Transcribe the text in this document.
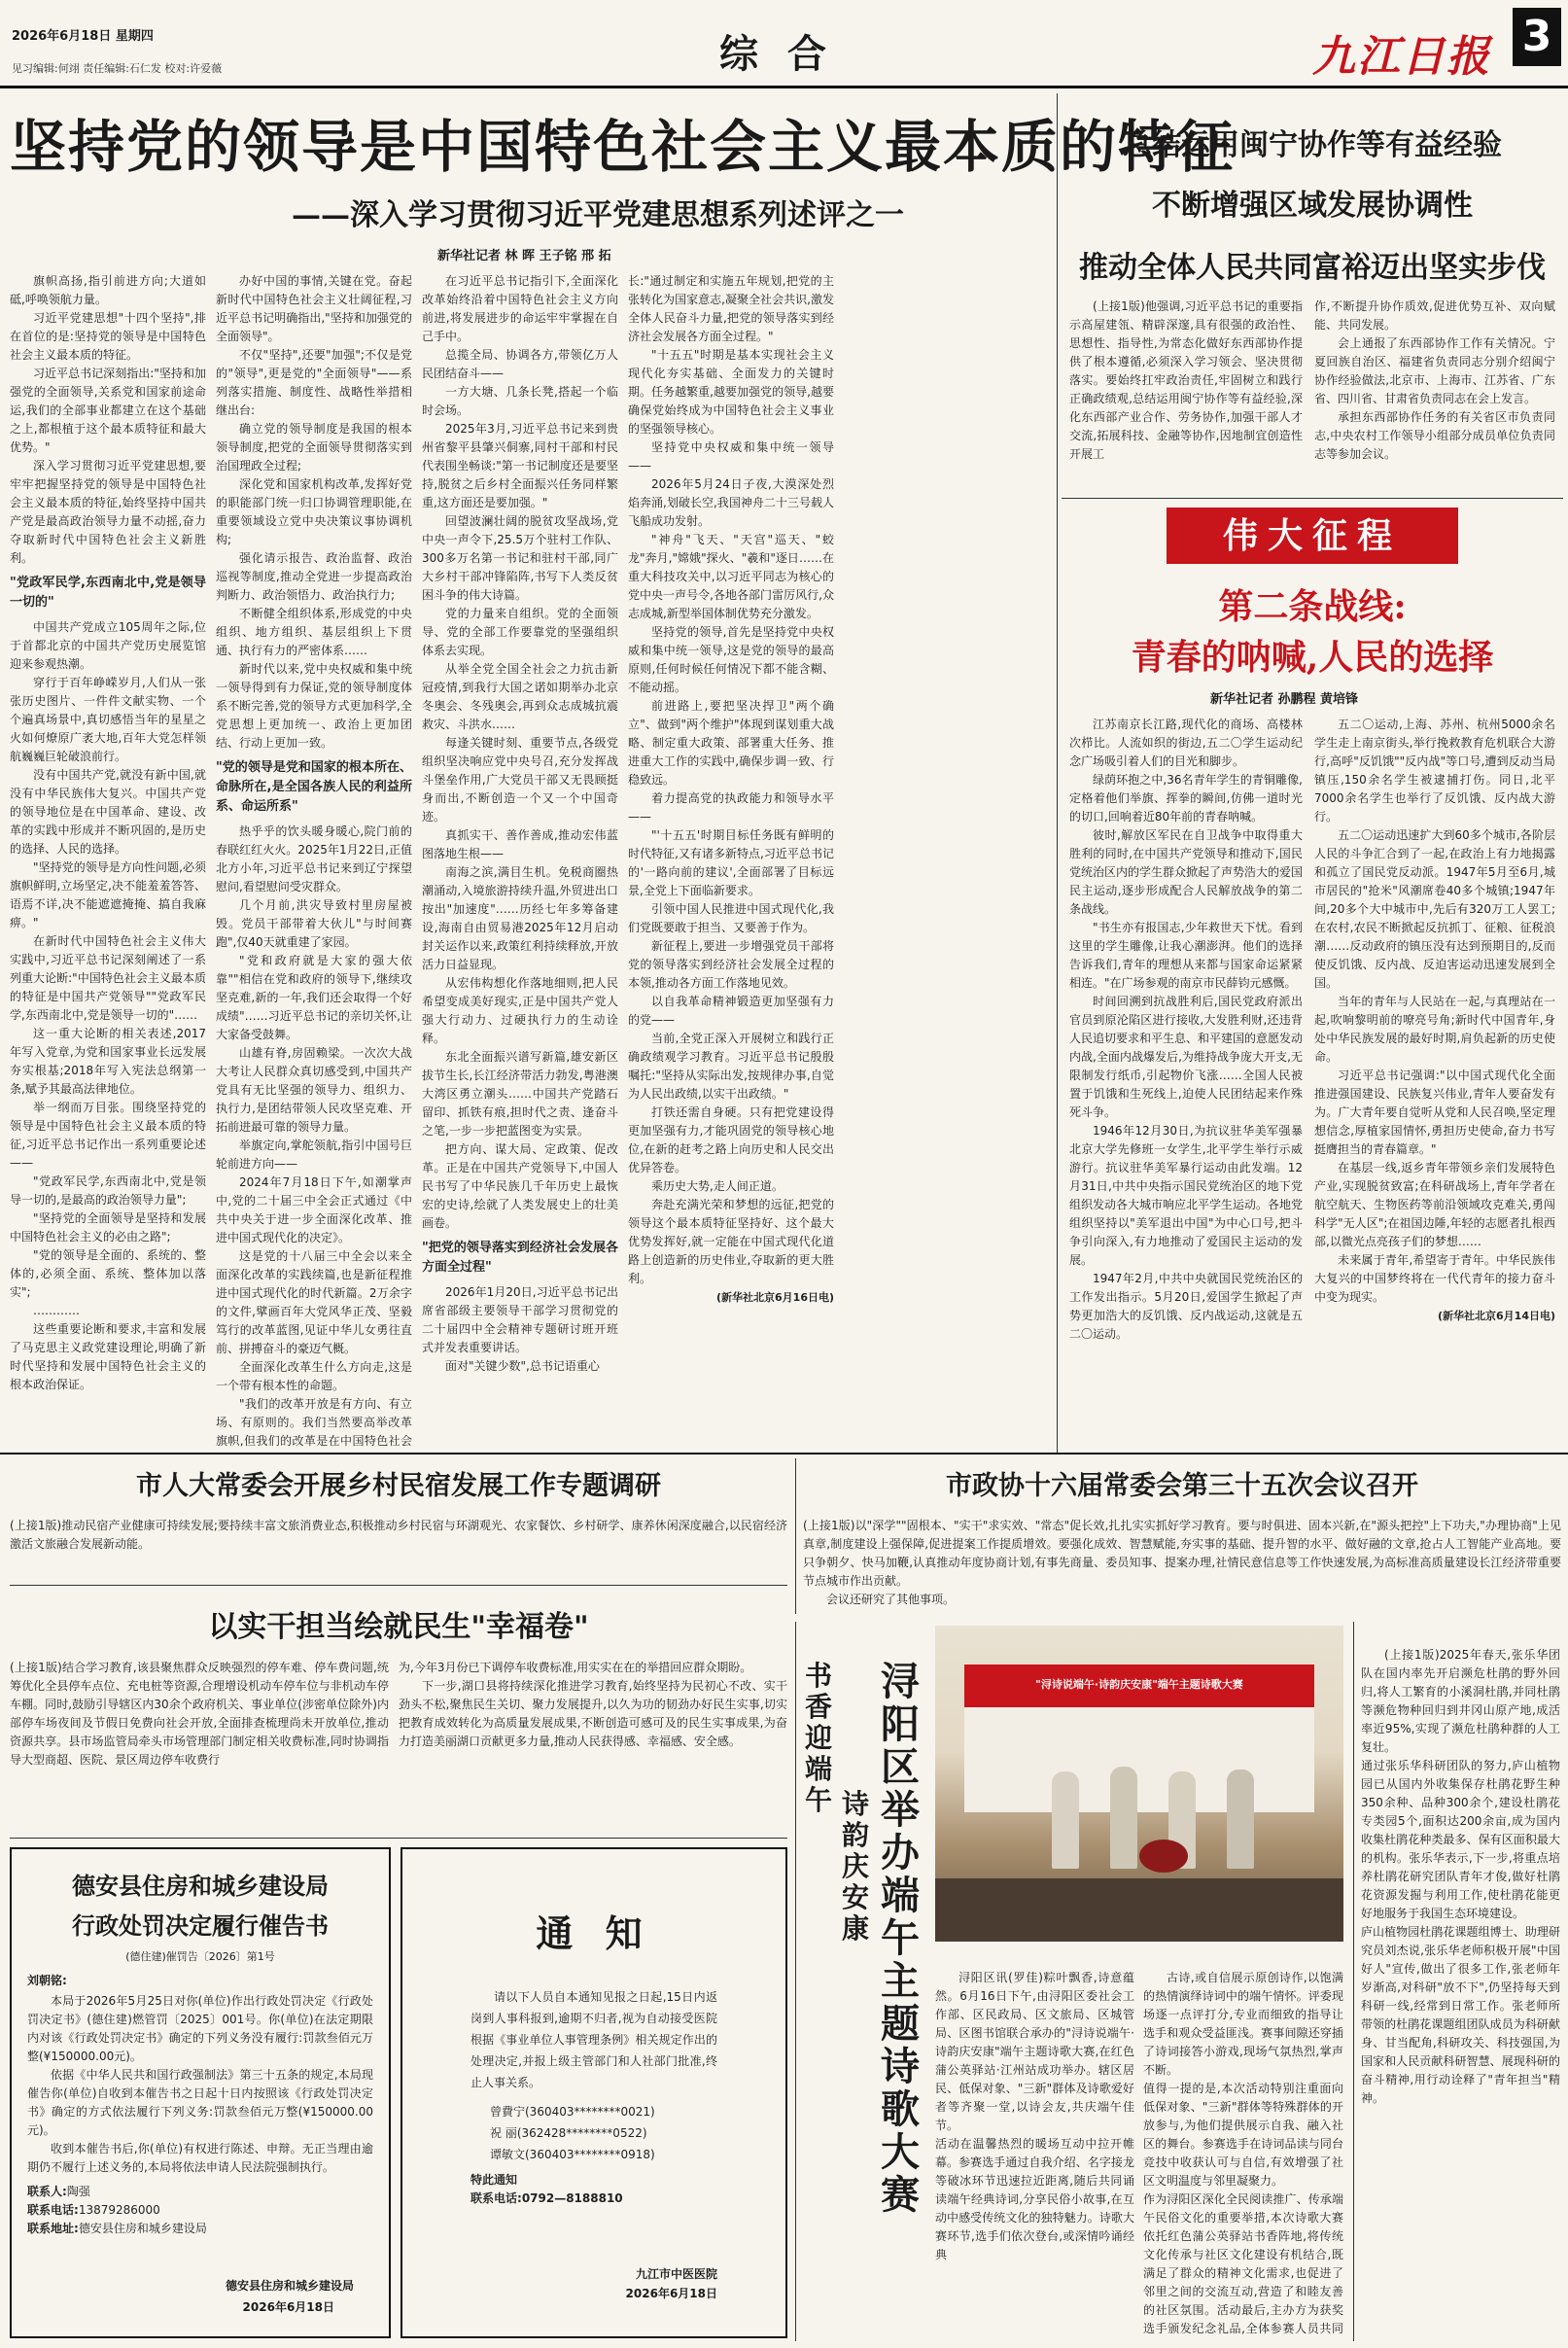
2026年6月18日 星期四
见习编辑:何翊 责任编辑:石仁发 校对:许爱薇	综 合	九江日报 3
坚持党的领导是中国特色社会主义最本质的特征
——深入学习贯彻习近平党建思想系列述评之一
新华社记者 林 晖 王子铭 邢 拓

旗帜高扬,指引前进方向;大道如砥,呼唤领航力量。

习近平党建思想"十四个坚持",排在首位的是:坚持党的领导是中国特色社会主义最本质的特征。

习近平总书记深刻指出:"坚持和加强党的全面领导,关系党和国家前途命运,我们的全部事业都建立在这个基础之上,都根植于这个最本质特征和最大优势。"

深入学习贯彻习近平党建思想,要牢牢把握坚持党的领导是中国特色社会主义最本质的特征,始终坚持中国共产党是最高政治领导力量不动摇,奋力夺取新时代中国特色社会主义新胜利。

"党政军民学,东西南北中,党是领导一切的"

中国共产党成立105周年之际,位于首都北京的中国共产党历史展览馆迎来参观热潮。

穿行于百年峥嵘岁月,人们从一张张历史图片、一件件文献实物、一个个遍真场景中,真切感悟当年的星星之火如何燎原广袤大地,百年大党怎样领航巍巍巨轮破浪前行。

没有中国共产党,就没有新中国,就没有中华民族伟大复兴。中国共产党的领导地位是在中国革命、建设、改革的实践中形成并不断巩固的,是历史的选择、人民的选择。

"坚持党的领导是方向性问题,必须旗帜鲜明,立场坚定,决不能羞羞答答、语焉不详,决不能遮遮掩掩、搞自我麻痹。"

在新时代中国特色社会主义伟大实践中,习近平总书记深刻阐述了一系列重大论断:"中国特色社会主义最本质的特征是中国共产党领导""党政军民学,东西南北中,党是领导一切的"……

这一重大论断的相关表述,2017年写入党章,为党和国家事业长远发展夯实根基;2018年写入宪法总纲第一条,赋予其最高法律地位。

举一纲而万目张。围绕坚持党的领导是中国特色社会主义最本质的特征,习近平总书记作出一系列重要论述——

"党政军民学,东西南北中,党是领导一切的,是最高的政治领导力量";

"坚持党的全面领导是坚持和发展中国特色社会主义的必由之路";

"党的领导是全面的、系统的、整体的,必须全面、系统、整体加以落实";

…………

这些重要论断和要求,丰富和发展了马克思主义政党建设理论,明确了新时代坚持和发展中国特色社会主义的根本政治保证。

办好中国的事情,关键在党。奋起新时代中国特色社会主义壮阔征程,习近平总书记明确指出,"坚持和加强党的全面领导"。

不仅"坚持",还要"加强";不仅是党的"领导",更是党的"全面领导"——系列落实措施、制度性、战略性举措相继出台:

确立党的领导制度是我国的根本领导制度,把党的全面领导贯彻落实到治国理政全过程;

深化党和国家机构改革,发挥好党的职能部门统一归口协调管理职能,在重要领域设立党中央决策议事协调机构;

强化请示报告、政治监督、政治巡视等制度,推动全党进一步提高政治判断力、政治领悟力、政治执行力;

不断健全组织体系,形成党的中央组织、地方组织、基层组织上下贯通、执行有力的严密体系……

新时代以来,党中央权威和集中统一领导得到有力保证,党的领导制度体系不断完善,党的领导方式更加科学,全党思想上更加统一、政治上更加团结、行动上更加一致。

"党的领导是党和国家的根本所在、命脉所在,是全国各族人民的利益所系、命运所系"

热乎乎的饮头暖身暖心,院门前的春联红红火火。2025年1月22日,正值北方小年,习近平总书记来到辽宁探望慰问,看望慰问受灾群众。

几个月前,洪灾导致村里房屋被毁。党员干部带着大伙儿"与时间赛跑",仅40天就重建了家园。

"党和政府就是大家的强大依靠""相信在党和政府的领导下,继续攻坚克难,新的一年,我们还会取得一个好成绩"……习近平总书记的亲切关怀,让大家备受鼓舞。

山雄有脊,房固赖梁。一次次大战大考让人民群众真切感受到,中国共产党具有无比坚强的领导力、组织力、执行力,是团结带领人民攻坚克难、开拓前进最可靠的领导力量。

举旗定向,掌舵领航,指引中国号巨轮前进方向——

2024年7月18日下午,如潮掌声中,党的二十届三中全会正式通过《中共中央关于进一步全面深化改革、推进中国式现代化的决定》。

这是党的十八届三中全会以来全面深化改革的实践续篇,也是新征程推进中国式现代化的时代新篇。2万余字的文件,擘画百年大党风华正茂、坚毅笃行的改革蓝图,见证中华儿女勇往直前、拼搏奋斗的豪迈气概。

全面深化改革生什么方向走,这是一个带有根本性的命题。

"我们的改革开放是有方向、有立场、有原则的。我们当然要高举改革旗帜,但我们的改革是在中国特色社会

在习近平总书记指引下,全面深化改革始终沿着中国特色社会主义方向前进,将发展进步的命运牢牢掌握在自己手中。

总揽全局、协调各方,带领亿万人民团结奋斗——

一方大塘、几条长凳,搭起一个临时会场。

2025年3月,习近平总书记来到贵州省黎平县肇兴侗寨,同村干部和村民代表围坐畅谈:"第一书记制度还是要坚持,脱贫之后乡村全面振兴任务同样繁重,这方面还是要加强。"

回望波澜壮阔的脱贫攻坚战场,党中央一声令下,25.5万个驻村工作队、300多万名第一书记和驻村干部,同广大乡村干部冲锋陷阵,书写下人类反贫困斗争的伟大诗篇。

党的力量来自组织。党的全面领导、党的全部工作要靠党的坚强组织体系去实现。

从举全党全国全社会之力抗击新冠疫情,到我行大国之诺如期举办北京冬奥会、冬残奥会,再到众志成城抗震救灾、斗洪水……

每逢关键时刻、重要节点,各级党组织坚决响应党中央号召,充分发挥战斗堡垒作用,广大党员干部又无畏顾挺身而出,不断创造一个又一个中国奇迹。

真抓实干、善作善成,推动宏伟蓝图落地生根——

南海之滨,满目生机。免税商圈热潮涌动,入境旅游持续升温,外贸进出口按出"加速度"……历经七年多筹备建设,海南自由贸易港2025年12月启动封关运作以来,政策红利持续释放,开放活力日益显现。

从宏伟构想化作落地细则,把人民希望变成美好现实,正是中国共产党人强大行动力、过硬执行力的生动诠释。

东北全面振兴谱写新篇,雄安新区拔节生长,长江经济带活力勃发,粤港澳大湾区勇立潮头……中国共产党踏石留印、抓铁有痕,担时代之责、逢奋斗之笔,一步一步把蓝图变为实景。

把方向、谋大局、定政策、促改革。正是在中国共产党领导下,中国人民书写了中华民族几千年历史上最恢宏的史诗,绘就了人类发展史上的壮美画卷。

"把党的领导落实到经济社会发展各方面全过程"

2026年1月20日,习近平总书记出席省部级主要领导干部学习贯彻党的二十届四中全会精神专题研讨班开班式并发表重要讲话。

面对"关键少数",总书记语重心

长:"通过制定和实施五年规划,把党的主张转化为国家意志,凝聚全社会共识,激发全体人民奋斗力量,把党的领导落实到经济社会发展各方面全过程。"

"十五五"时期是基本实现社会主义现代化夯实基础、全面发力的关键时期。任务越繁重,越要加强党的领导,越要确保党始终成为中国特色社会主义事业的坚强领导核心。

坚持党中央权威和集中统一领导——

2026年5月24日子夜,大漠深处烈焰奔涌,划破长空,我国神舟二十三号载人飞船成功发射。

"神舟"飞天、"天宫"巡天、"蛟龙"奔月,"嫦娥"探火、"羲和"逐日……在重大科技攻关中,以习近平同志为核心的党中央一声号令,各地各部门雷厉风行,众志成城,新型举国体制优势充分激发。

坚持党的领导,首先是坚持党中央权威和集中统一领导,这是党的领导的最高原则,任何时候任何情况下都不能含糊、不能动摇。

前进路上,要把坚决捍卫"两个确立"、做到"两个维护"体现到谋划重大战略、制定重大政策、部署重大任务、推进重大工作的实践中,确保步调一致、行稳致远。

着力提高党的执政能力和领导水平——

"'十五五'时期目标任务既有鲜明的时代特征,又有诸多新特点,习近平总书记的'一路向前的建议',全面部署了目标远景,全党上下面临新要求。

引领中国人民推进中国式现代化,我们党既要敢于担当、又要善于作为。

新征程上,要进一步增强党员干部将党的领导落实到经济社会发展全过程的本领,推动各方面工作落地见效。

以自我革命精神锻造更加坚强有力的党——

当前,全党正深入开展树立和践行正确政绩观学习教育。习近平总书记殷殷嘱托:"坚持从实际出发,按规律办事,自觉为人民出政绩,以实干出政绩。"

打铁还需自身硬。只有把党建设得更加坚强有力,才能巩固党的领导核心地位,在新的赶考之路上向历史和人民交出优异答卷。

乘历史大势,走人间正道。

奔赴充满光荣和梦想的远征,把党的领导这个最本质特征坚持好、这个最大优势发挥好,就一定能在中国式现代化道路上创造新的历史伟业,夺取新的更大胜利。

(新华社北京6月16日电)
总结运用闽宁协作等有益经验
不断增强区域发展协调性
推动全体人民共同富裕迈出坚实步伐

(上接1版)他强调,习近平总书记的重要指示高屋建瓴、精辟深邃,具有很强的政治性、思想性、指导性,为常态化做好东西部协作提供了根本遵循,必须深入学习领会、坚决贯彻落实。要始终扛牢政治责任,牢固树立和践行正确政绩观,总结运用闽宁协作等有益经验,深化东西部产业合作、劳务协作,加强干部人才交流,拓展科技、金融等协作,因地制宜创造性开展工

作,不断提升协作质效,促进优势互补、双向赋能、共同发展。

会上通报了东西部协作工作有关情况。宁夏回族自治区、福建省负责同志分别介绍闽宁协作经验做法,北京市、上海市、江苏省、广东省、四川省、甘肃省负责同志在会上发言。

承担东西部协作任务的有关省区市负责同志,中央农村工作领导小组部分成员单位负责同志等参加会议。

伟大征程
第二条战线:
青春的呐喊,人民的选择
新华社记者 孙鹏程 黄培锋

江苏南京长江路,现代化的商场、高楼林次栉比。人流如织的街边,五二〇学生运动纪念广场吸引着人们的目光和脚步。

绿荫环抱之中,36名青年学生的青铜雕像,定格着他们举旗、挥拳的瞬间,仿佛一道时光的切口,回响着近80年前的青春呐喊。

彼时,解放区军民在自卫战争中取得重大胜利的同时,在中国共产党领导和推动下,国民党统治区内的学生群众掀起了声势浩大的爱国民主运动,逐步形成配合人民解放战争的第二条战线。

"书生亦有报国志,少年救世天下忧。看到这里的学生雕像,让我心潮澎湃。他们的选择告诉我们,青年的理想从来都与国家命运紧紧相连。"在广场参观的南京市民薛钧元感慨。

时间回溯到抗战胜利后,国民党政府派出官员到原沦陷区进行接收,大发胜利财,还违背人民追切要求和平生息、和平建国的意愿发动内战,全面内战爆发后,为维持战争庞大开支,无限制发行纸币,引起物价飞涨……全国人民被置于饥饿和生死线上,迫使人民团结起来作殊死斗争。

1946年12月30日,为抗议驻华美军强暴北京大学先修班一女学生,北平学生举行示威游行。抗议驻华美军暴行运动由此发端。12月31日,中共中央指示国民党统治区的地下党组织发动各大城市响应北平学生运动。各地党组织坚持以"美军退出中国"为中心口号,把斗争引向深入,有力地推动了爱国民主运动的发展。

1947年2月,中共中央就国民党统治区的工作发出指示。5月20日,爱国学生掀起了声势更加浩大的反饥饿、反内战运动,这就是五二〇运动。

五二〇运动,上海、苏州、杭州5000余名学生走上南京街头,举行挽救教育危机联合大游行,高呼"反饥饿""反内战"等口号,遭到反动当局镇压,150余名学生被逮捕打伤。同日,北平7000余名学生也举行了反饥饿、反内战大游行。

五二〇运动迅速扩大到60多个城市,各阶层人民的斗争汇合到了一起,在政治上有力地揭露和孤立了国民党反动派。1947年5月至6月,城市居民的"抢米"风潮席卷40多个城镇;1947年间,20多个大中城市中,先后有320万工人罢工;在农村,农民不断掀起反抗抓丁、征粮、征税浪潮……反动政府的镇压没有达到预期目的,反而使反饥饿、反内战、反迫害运动迅速发展到全国。

当年的青年与人民站在一起,与真理站在一起,吹响黎明前的嘹亮号角;新时代中国青年,身处中华民族发展的最好时期,肩负起新的历史使命。

习近平总书记强调:"以中国式现代化全面推进强国建设、民族复兴伟业,青年人要奋发有为。广大青年要自觉听从党和人民召唤,坚定理想信念,厚植家国情怀,勇担历史使命,奋力书写挺膺担当的青春篇章。"

在基层一线,返乡青年带领乡亲们发展特色产业,实现脱贫致富;在科研战场上,青年学者在航空航天、生物医药等前沿领域攻克难关,勇闯科学"无人区";在祖国边陲,年轻的志愿者扎根西部,以微光点亮孩子们的梦想……

未来属于青年,希望寄于青年。中华民族伟大复兴的中国梦终将在一代代青年的接力奋斗中变为现实。

(新华社北京6月14日电)
市人大常委会开展乡村民宿发展工作专题调研

(上接1版)推动民宿产业健康可持续发展;要持续丰富文旅消费业态,积极推动乡村民宿与环湖观光、农家餐饮、乡村研学、康养休闲深度融合,以民宿经济激活文旅融合发展新动能。

市政协十六届常委会第三十五次会议召开

(上接1版)以"深学""固根本、"实干"求实效、"常态"促长效,扎扎实实抓好学习教育。要与时俱进、固本兴新,在"源头把控"上下功夫,"办理协商"上见真章,制度建设上强保障,促进提案工作提质增效。要强化成效、智慧赋能,夯实事的基础、提升智的水平、做好融的文章,抢占人工智能产业高地。要只争朝夕、快马加鞭,认真推动年度协商计划,有事先商量、委员知事、提案办理,社情民意信息等工作快速发展,为高标准高质量建设长江经济带重要节点城市作出贡献。

会议还研究了其他事项。

以实干担当绘就民生"幸福卷"

(上接1版)结合学习教育,该县聚焦群众反映强烈的停车难、停车费问题,统筹优化全县停车点位、充电桩等资源,合理增设机动车停车位与非机动车停车棚。同时,鼓励引导辖区内30余个政府机关、事业单位(涉密单位除外)内部停车场夜间及节假日免费向社会开放,全面排查梳理尚未开放单位,推动资源共享。县市场监管局牵头市场管理部门制定相关收费标准,同时协调指导大型商超、医院、景区周边停车收费行

为,今年3月份已下调停车收费标准,用实实在在的举措回应群众期盼。

下一步,湖口县将持续深化推进学习教育,始终坚持为民初心不改、实干劲头不松,聚焦民生关切、聚力发展提升,以久为功的韧劲办好民生实事,切实把教育成效转化为高质量发展成果,不断创造可感可及的民生实事成果,为奋力打造美丽湖口贡献更多力量,推动人民获得感、幸福感、安全感。

德安县住房和城乡建设局
行政处罚决定履行催告书
(德住建)催罚告〔2026〕第1号
刘朝铭:

本局于2026年5月25日对你(单位)作出行政处罚决定《行政处罚决定书》(德住建)燃管罚〔2025〕001号。你(单位)在法定期限内对该《行政处罚决定书》确定的下列义务没有履行:罚款叁佰元万整(¥150000.00元)。

依据《中华人民共和国行政强制法》第三十五条的规定,本局现催告你(单位)自收到本催告书之日起十日内按照该《行政处罚决定书》确定的方式依法履行下列义务:罚款叁佰元万整(¥150000.00元)。

收到本催告书后,你(单位)有权进行陈述、申辩。无正当理由逾期仍不履行上述义务的,本局将依法申请人民法院强制执行。

联系人:陶强
联系电话:13879286000
联系地址:德安县住房和城乡建设局
德安县住房和城乡建设局
2026年6月18日
通 知

请以下人员自本通知见报之日起,15日内返岗到人事科报到,逾期不归者,视为自动接受医院根据《事业单位人事管理条例》相关规定作出的处理决定,并报上级主管部门和人社部门批准,终止人事关系。

曾費宁(360403********0021)
祝 丽(362428********0522)
谭敏文(360403********0918)
特此通知
联系电话:0792—8188810
九江市中医医院
2026年6月18日
书香迎端午 诗韵庆安康
浔阳区举办端午主题诗歌大赛
"浔诗说端午·诗韵庆安康"端午主题诗歌大赛

浔阳区讯(罗佳)粽叶飘香,诗意蕴然。6月16日下午,由浔阳区委社会工作部、区民政局、区文旅局、区城管局、区图书馆联合承办的"浔诗说端午·诗韵庆安康"端午主题诗歌大赛,在红色蒲公英驿站·江州站成功举办。辖区居民、低保对象、"三新"群体及诗歌爱好者等齐聚一堂,以诗会友,共庆端午佳节。
活动在温馨热烈的暖场互动中拉开帷幕。参赛选手通过自我介绍、名字接龙等破冰环节迅速拉近距离,随后共同诵读端午经典诗词,分享民俗小故事,在互动中感受传统文化的独特魅力。诗歌大赛环节,选手们依次登台,或深情吟诵经典

古诗,或自信展示原创诗作,以饱满的热情演绎诗词中的端午情怀。评委现场逐一点评打分,专业而细致的指导让选手和观众受益匪浅。赛事间隙还穿插了诗词接答小游戏,现场气氛热烈,掌声不断。
值得一提的是,本次活动特别注重面向低保对象、"三新"群体等特殊群体的开放参与,为他们提供展示自我、融入社区的舞台。参赛选手在诗词品读与同台竞技中收获认可与自信,有效增强了社区文明温度与邻里凝聚力。
作为浔阳区深化全民阅读推广、传承端午民俗文化的重要举措,本次诗歌大赛依托红色蒲公英驿站书香阵地,将传统文化传承与社区文化建设有机结合,既满足了群众的精神文化需求,也促进了邻里之间的交流互动,营造了和睦友善的社区氛围。活动最后,主办方为获奖选手颁发纪念礼品,全体参赛人员共同

(上接1版)2025年春天,张乐华团队在国内率先开启濒危杜鹃的野外回归,将人工繁育的小溪洞杜鹃,并同杜鹃等濒危物种回归到井冈山原产地,成活率近95%,实现了濒危杜鹃种群的人工复壮。
通过张乐华科研团队的努力,庐山植物园已从国内外收集保存杜鹃花野生种350余种、品种300余个,建设杜鹃花专类园5个,面积达200余亩,成为国内收集杜鹃花种类最多、保有区面积最大的机构。张乐华表示,下一步,将重点培养杜鹃花研究团队青年才俊,做好杜鹃花资源发掘与利用工作,使杜鹃花能更好地服务于我国生态环境建设。
庐山植物园杜鹃花课题组博士、助理研究员刘杰说,张乐华老师积极开展"中国好人"宣传,做出了很多工作,张老师年岁渐高,对科研"放不下",仍坚持每天到科研一线,经常到日常工作。张老师所带领的杜鹃花课题组团队成员为科研献身、甘当配角,科研攻关、科技强国,为国家和人民贡献科研智慧、展现科研的奋斗精神,用行动诠释了"青年担当"精神。
